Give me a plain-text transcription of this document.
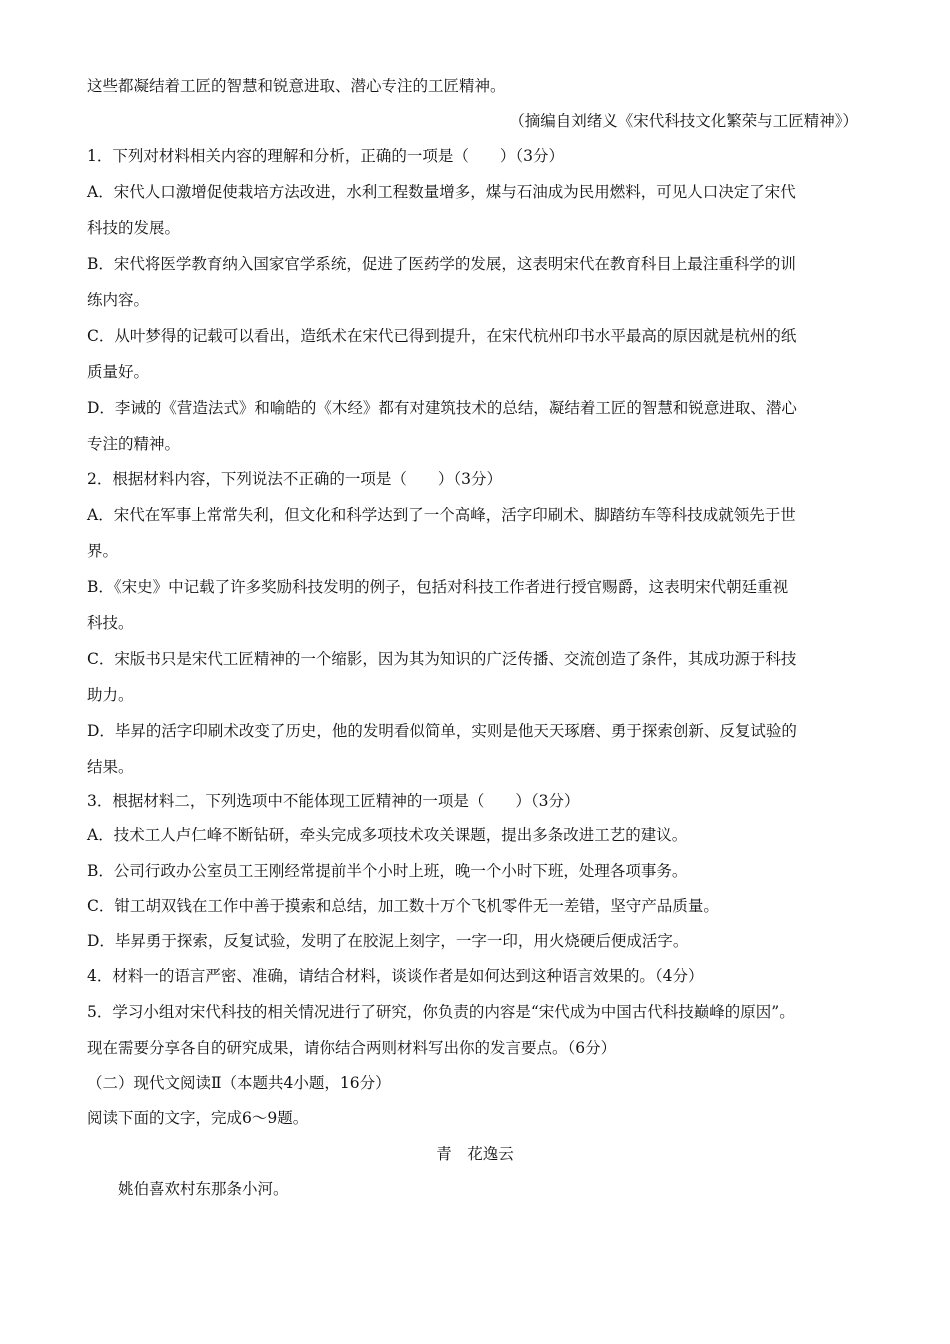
这些都凝结着工匠的智慧和锐意进取、潜心专注的工匠精神。
（摘编自刘绪义《宋代科技文化繁荣与工匠精神》）
1．下列对材料相关内容的理解和分析，正确的一项是（　　）（3分）
A．宋代人口激增促使栽培方法改进，水利工程数量增多，煤与石油成为民用燃料，可见人口决定了宋代
科技的发展。
B．宋代将医学教育纳入国家官学系统，促进了医药学的发展，这表明宋代在教育科目上最注重科学的训
练内容。
C．从叶梦得的记载可以看出，造纸术在宋代已得到提升，在宋代杭州印书水平最高的原因就是杭州的纸
质量好。
D．李诫的《营造法式》和喻皓的《木经》都有对建筑技术的总结，凝结着工匠的智慧和锐意进取、潜心
专注的精神。
2．根据材料内容，下列说法不正确的一项是（　　）（3分）
A．宋代在军事上常常失利，但文化和科学达到了一个高峰，活字印刷术、脚踏纺车等科技成就领先于世
界。
B．《宋史》中记载了许多奖励科技发明的例子，包括对科技工作者进行授官赐爵，这表明宋代朝廷重视
科技。
C．宋版书只是宋代工匠精神的一个缩影，因为其为知识的广泛传播、交流创造了条件，其成功源于科技
助力。
D．毕昇的活字印刷术改变了历史，他的发明看似简单，实则是他天天琢磨、勇于探索创新、反复试验的
结果。
3．根据材料二，下列选项中不能体现工匠精神的一项是（　　）（3分）
A．技术工人卢仁峰不断钻研，牵头完成多项技术攻关课题，提出多条改进工艺的建议。
B．公司行政办公室员工王刚经常提前半个小时上班，晚一个小时下班，处理各项事务。
C．钳工胡双钱在工作中善于摸索和总结，加工数十万个飞机零件无一差错，坚守产品质量。
D．毕昇勇于探索，反复试验，发明了在胶泥上刻字，一字一印，用火烧硬后便成活字。
4．材料一的语言严密、准确，请结合材料，谈谈作者是如何达到这种语言效果的。（4分）
5．学习小组对宋代科技的相关情况进行了研究，你负责的内容是“宋代成为中国古代科技巅峰的原因”。
现在需要分享各自的研究成果，请你结合两则材料写出你的发言要点。（6分）
（二）现代文阅读Ⅱ（本题共4小题，16分）
阅读下面的文字，完成6～9题。
青　花逸云
姚伯喜欢村东那条小河。
